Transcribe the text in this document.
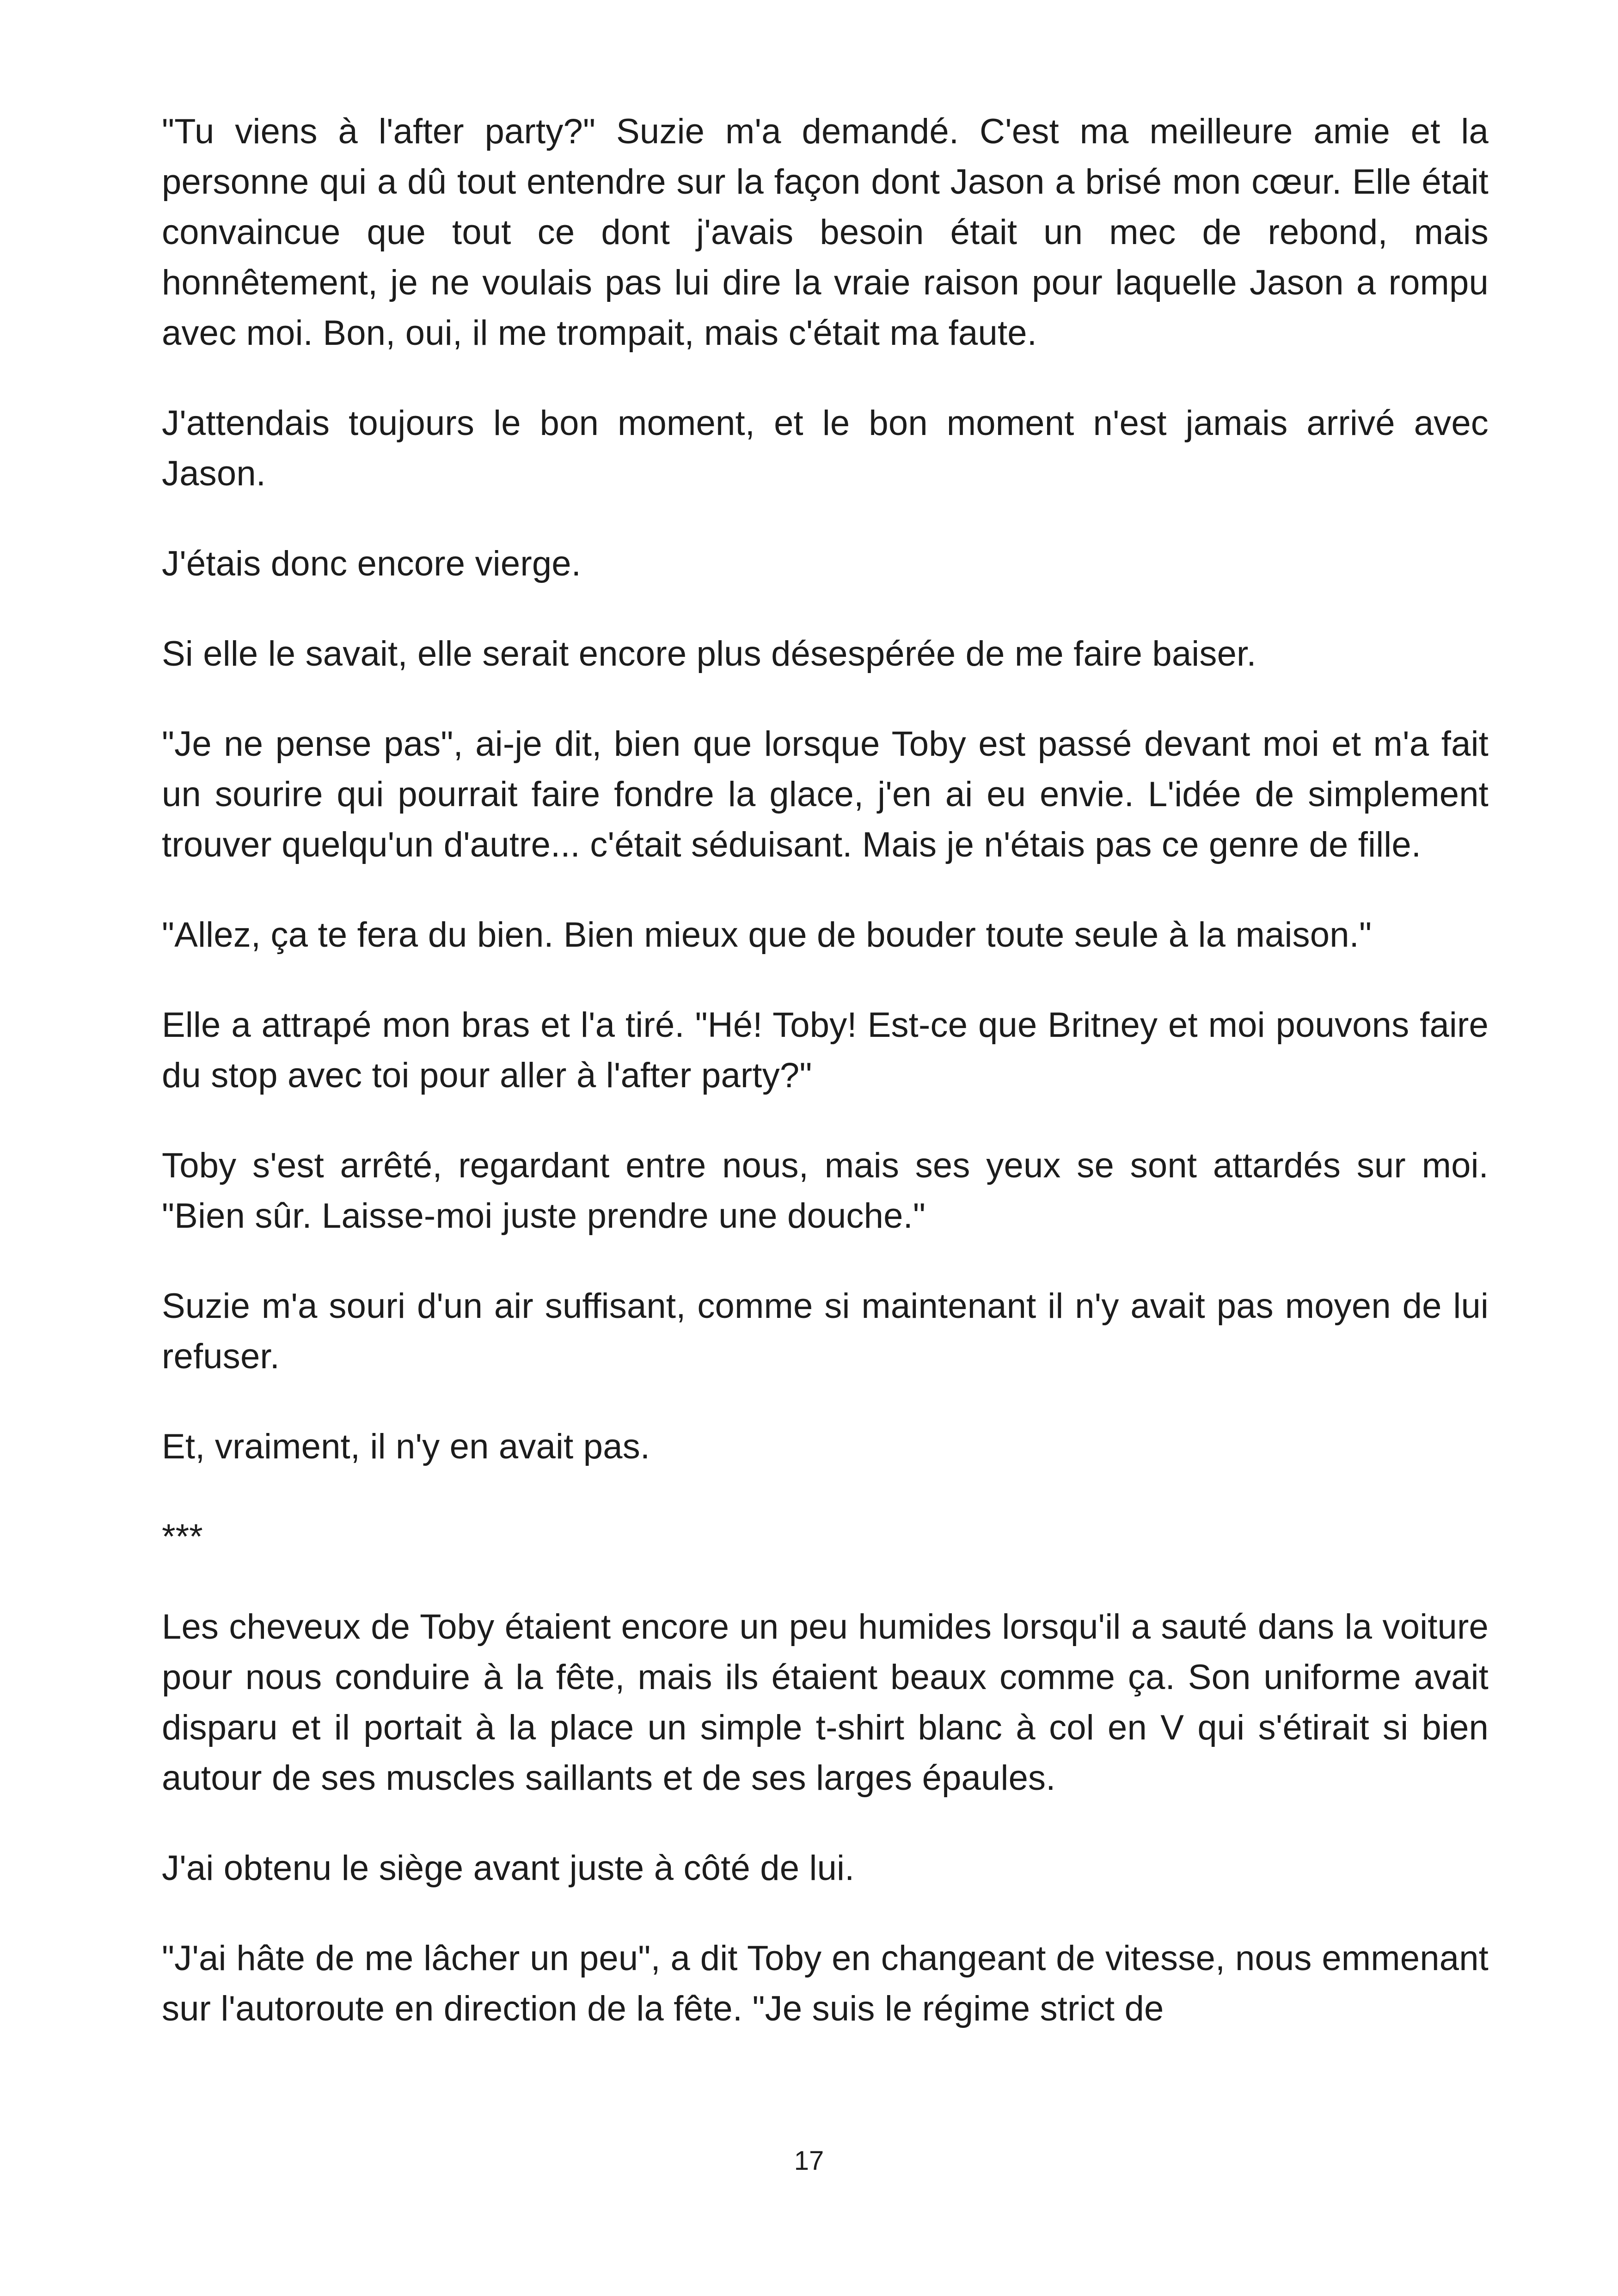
"Tu viens à l'after party?" Suzie m'a demandé. C'est ma meilleure amie et la personne qui a dû tout entendre sur la façon dont Jason a brisé mon cœur. Elle était convaincue que tout ce dont j'avais besoin était un mec de rebond, mais honnêtement, je ne voulais pas lui dire la vraie raison pour laquelle Jason a rompu avec moi. Bon, oui, il me trompait, mais c'était ma faute.

J'attendais toujours le bon moment, et le bon moment n'est jamais arrivé avec Jason.

J'étais donc encore vierge.

Si elle le savait, elle serait encore plus désespérée de me faire baiser.

"Je ne pense pas", ai-je dit, bien que lorsque Toby est passé devant moi et m'a fait un sourire qui pourrait faire fondre la glace, j'en ai eu envie. L'idée de simplement trouver quelqu'un d'autre... c'était séduisant. Mais je n'étais pas ce genre de fille.

"Allez, ça te fera du bien. Bien mieux que de bouder toute seule à la maison."

Elle a attrapé mon bras et l'a tiré. "Hé! Toby! Est-ce que Britney et moi pouvons faire du stop avec toi pour aller à l'after party?"

Toby s'est arrêté, regardant entre nous, mais ses yeux se sont attardés sur moi. "Bien sûr. Laisse-moi juste prendre une douche."

Suzie m'a souri d'un air suffisant, comme si maintenant il n'y avait pas moyen de lui refuser.

Et, vraiment, il n'y en avait pas.

***

Les cheveux de Toby étaient encore un peu humides lorsqu'il a sauté dans la voiture pour nous conduire à la fête, mais ils étaient beaux comme ça. Son uniforme avait disparu et il portait à la place un simple t-shirt blanc à col en V qui s'étirait si bien autour de ses muscles saillants et de ses larges épaules.

J'ai obtenu le siège avant juste à côté de lui.

"J'ai hâte de me lâcher un peu", a dit Toby en changeant de vitesse, nous emmenant sur l'autoroute en direction de la fête. "Je suis le régime strict de

17
